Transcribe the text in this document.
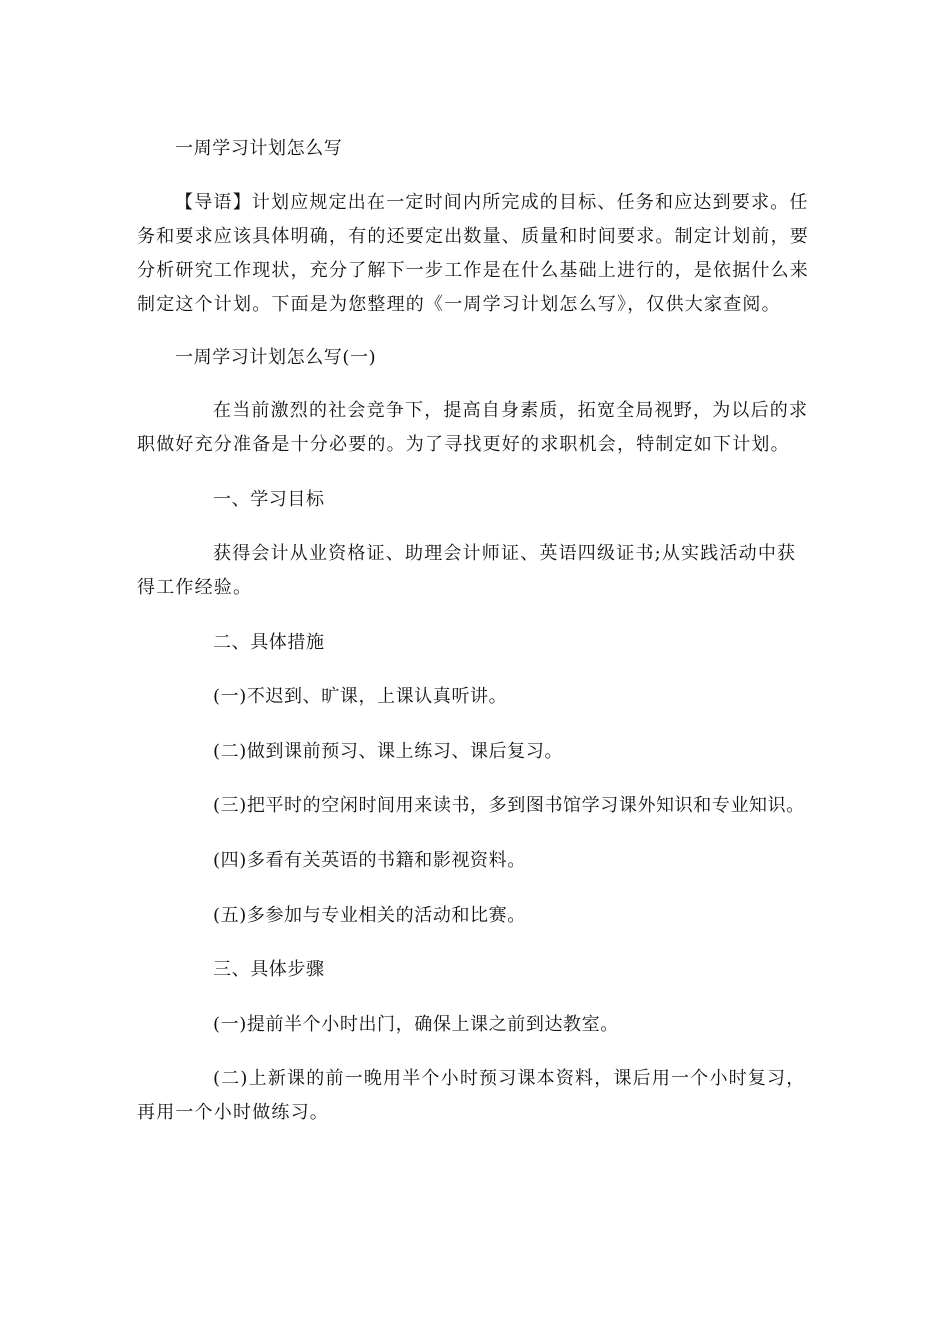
一周学习计划怎么写
【导语】计划应规定出在一定时间内所完成的目标、任务和应达到要求。任
务和要求应该具体明确，有的还要定出数量、质量和时间要求。制定计划前，要
分析研究工作现状，充分了解下一步工作是在什么基础上进行的，是依据什么来
制定这个计划。下面是为您整理的《一周学习计划怎么写》，仅供大家查阅。
一周学习计划怎么写(一)
在当前激烈的社会竞争下，提高自身素质，拓宽全局视野，为以后的求
职做好充分准备是十分必要的。为了寻找更好的求职机会，特制定如下计划。
一、学习目标
获得会计从业资格证、助理会计师证、英语四级证书;从实践活动中获
得工作经验。
二、具体措施
(一)不迟到、旷课，上课认真听讲。
(二)做到课前预习、课上练习、课后复习。
(三)把平时的空闲时间用来读书，多到图书馆学习课外知识和专业知识。
(四)多看有关英语的书籍和影视资料。
(五)多参加与专业相关的活动和比赛。
三、具体步骤
(一)提前半个小时出门，确保上课之前到达教室。
(二)上新课的前一晚用半个小时预习课本资料，课后用一个小时复习，
再用一个小时做练习。
